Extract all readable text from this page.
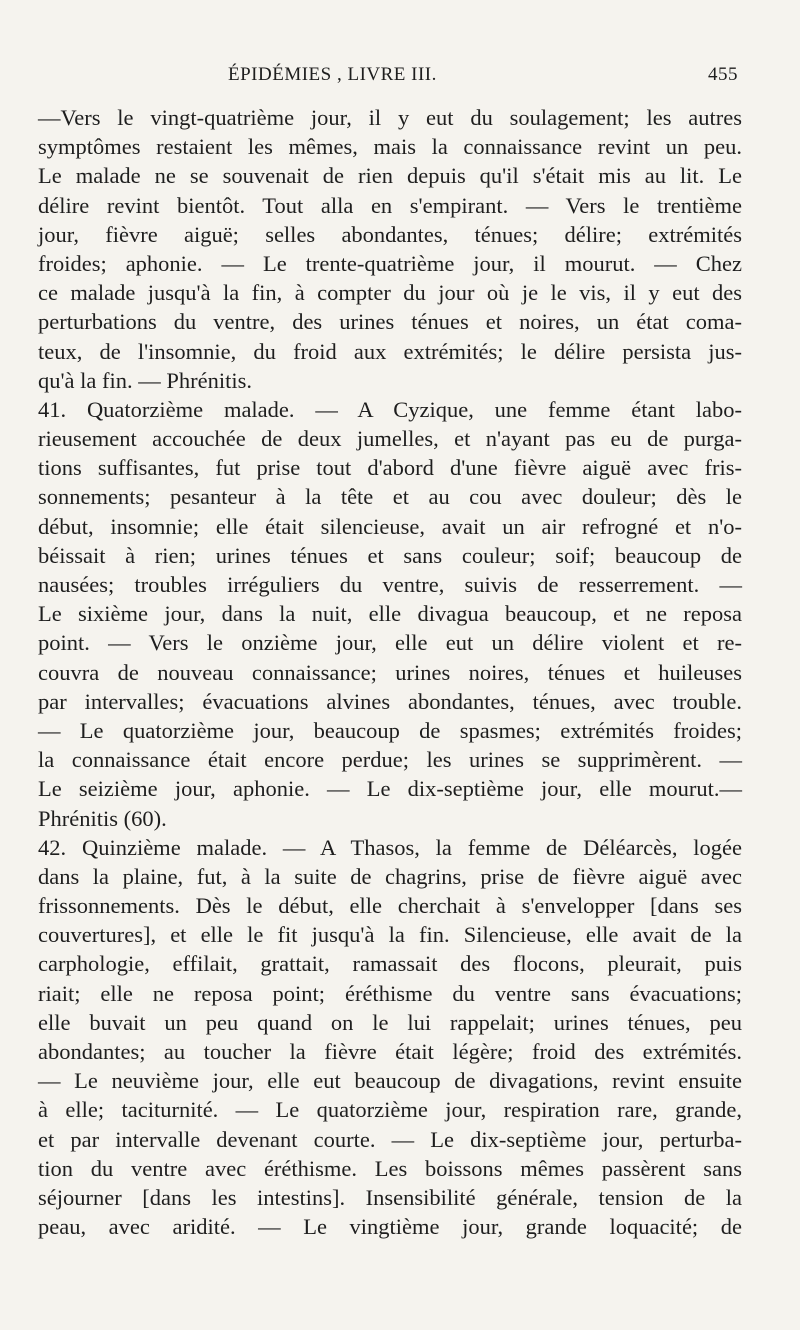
ÉPIDÉMIES , LIVRE III.	455
—Vers le vingt-quatrième jour, il y eut du soulagement; les autres
symptômes restaient les mêmes, mais la connaissance revint un peu.
Le malade ne se souvenait de rien depuis qu'il s'était mis au lit. Le
délire revint bientôt. Tout alla en s'empirant. — Vers le trentième
jour, fièvre aiguë; selles abondantes, ténues; délire; extrémités
froides; aphonie. — Le trente-quatrième jour, il mourut. — Chez
ce malade jusqu'à la fin, à compter du jour où je le vis, il y eut des
perturbations du ventre, des urines ténues et noires, un état coma-
teux, de l'insomnie, du froid aux extrémités; le délire persista jus-
qu'à la fin. — Phrénitis.
41. Quatorzième malade. — A Cyzique, une femme étant labo-
rieusement accouchée de deux jumelles, et n'ayant pas eu de purga-
tions suffisantes, fut prise tout d'abord d'une fièvre aiguë avec fris-
sonnements; pesanteur à la tête et au cou avec douleur; dès le
début, insomnie; elle était silencieuse, avait un air refrogné et n'o-
béissait à rien; urines ténues et sans couleur; soif; beaucoup de
nausées; troubles irréguliers du ventre, suivis de resserrement. —
Le sixième jour, dans la nuit, elle divagua beaucoup, et ne reposa
point. — Vers le onzième jour, elle eut un délire violent et re-
couvra de nouveau connaissance; urines noires, ténues et huileuses
par intervalles; évacuations alvines abondantes, ténues, avec trouble.
— Le quatorzième jour, beaucoup de spasmes; extrémités froides;
la connaissance était encore perdue; les urines se supprimèrent. —
Le seizième jour, aphonie. — Le dix-septième jour, elle mourut.—
Phrénitis (60).
42. Quinzième malade. — A Thasos, la femme de Déléarcès, logée
dans la plaine, fut, à la suite de chagrins, prise de fièvre aiguë avec
frissonnements. Dès le début, elle cherchait à s'envelopper [dans ses
couvertures], et elle le fit jusqu'à la fin. Silencieuse, elle avait de la
carphologie, effilait, grattait, ramassait des flocons, pleurait, puis
riait; elle ne reposa point; éréthisme du ventre sans évacuations;
elle buvait un peu quand on le lui rappelait; urines ténues, peu
abondantes; au toucher la fièvre était légère; froid des extrémités.
— Le neuvième jour, elle eut beaucoup de divagations, revint ensuite
à elle; taciturnité. — Le quatorzième jour, respiration rare, grande,
et par intervalle devenant courte. — Le dix-septième jour, perturba-
tion du ventre avec éréthisme. Les boissons mêmes passèrent sans
séjourner [dans les intestins]. Insensibilité générale, tension de la
peau, avec aridité. — Le vingtième jour, grande loquacité; de
